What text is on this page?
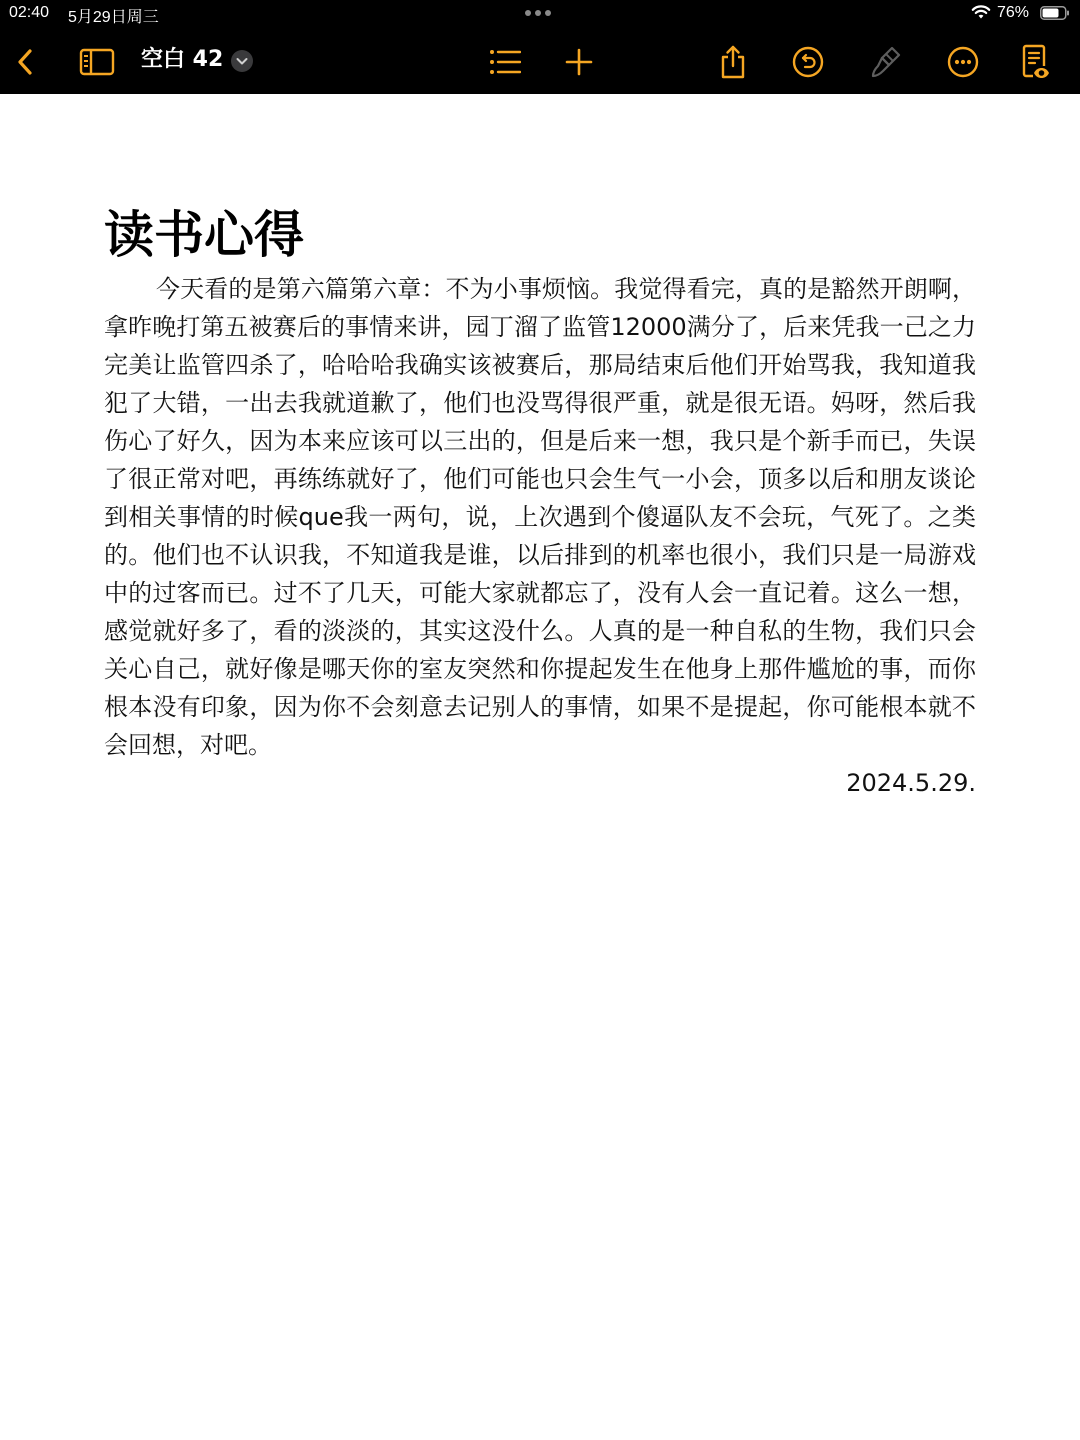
02:40 5月29日周三	76%
空白 42
读书心得

今天看的是第六篇第六章：不为小事烦恼。我觉得看完，真的是豁然开朗啊，拿昨晚打第五被赛后的事情来讲，园丁溜了监管12000满分了，后来凭我一己之力完美让监管四杀了，哈哈哈我确实该被赛后，那局结束后他们开始骂我，我知道我犯了大错，一出去我就道歉了，他们也没骂得很严重，就是很无语。妈呀，然后我伤心了好久，因为本来应该可以三出的，但是后来一想，我只是个新手而已，失误了很正常对吧，再练练就好了，他们可能也只会生气一小会，顶多以后和朋友谈论到相关事情的时候que我一两句，说，上次遇到个傻逼队友不会玩，气死了。之类的。他们也不认识我，不知道我是谁，以后排到的机率也很小，我们只是一局游戏中的过客而已。过不了几天，可能大家就都忘了，没有人会一直记着。这么一想，感觉就好多了，看的淡淡的，其实这没什么。人真的是一种自私的生物，我们只会关心自己，就好像是哪天你的室友突然和你提起发生在他身上那件尴尬的事，而你根本没有印象，因为你不会刻意去记别人的事情，如果不是提起，你可能根本就不会回想，对吧。

2024.5.29.
